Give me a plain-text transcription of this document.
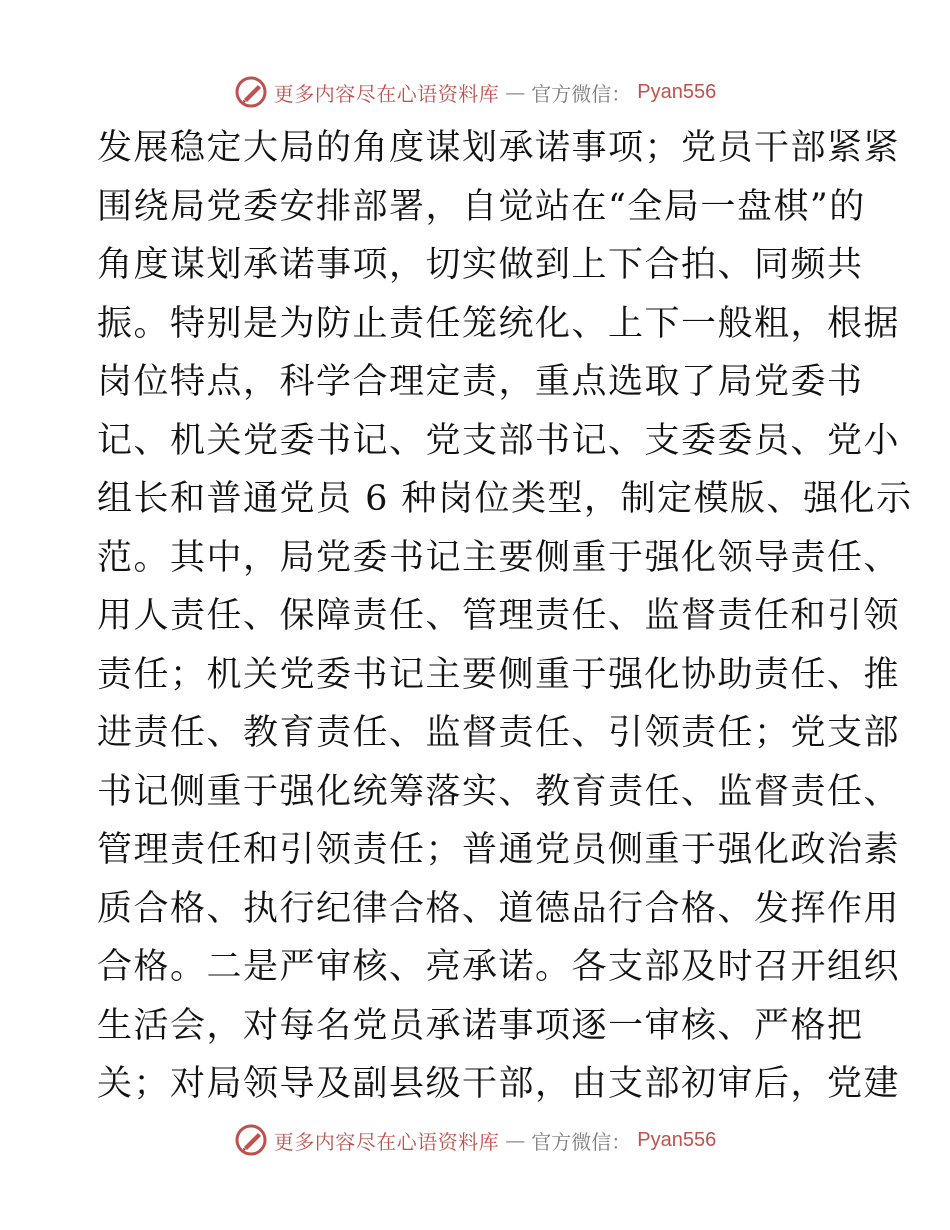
更多内容尽在心语资料库 — 官方微信： Pyan556
发展稳定大局的角度谋划承诺事项；党员干部紧紧
围绕局党委安排部署，自觉站在“全局一盘棋”的
角度谋划承诺事项，切实做到上下合拍、同频共
振。特别是为防止责任笼统化、上下一般粗，根据
岗位特点，科学合理定责，重点选取了局党委书
记、机关党委书记、党支部书记、支委委员、党小
组长和普通党员 6 种岗位类型，制定模版、强化示
范。其中，局党委书记主要侧重于强化领导责任、
用人责任、保障责任、管理责任、监督责任和引领
责任；机关党委书记主要侧重于强化协助责任、推
进责任、教育责任、监督责任、引领责任；党支部
书记侧重于强化统筹落实、教育责任、监督责任、
管理责任和引领责任；普通党员侧重于强化政治素
质合格、执行纪律合格、道德品行合格、发挥作用
合格。二是严审核、亮承诺。各支部及时召开组织
生活会，对每名党员承诺事项逐一审核、严格把
关；对局领导及副县级干部，由支部初审后，党建
更多内容尽在心语资料库 — 官方微信： Pyan556
